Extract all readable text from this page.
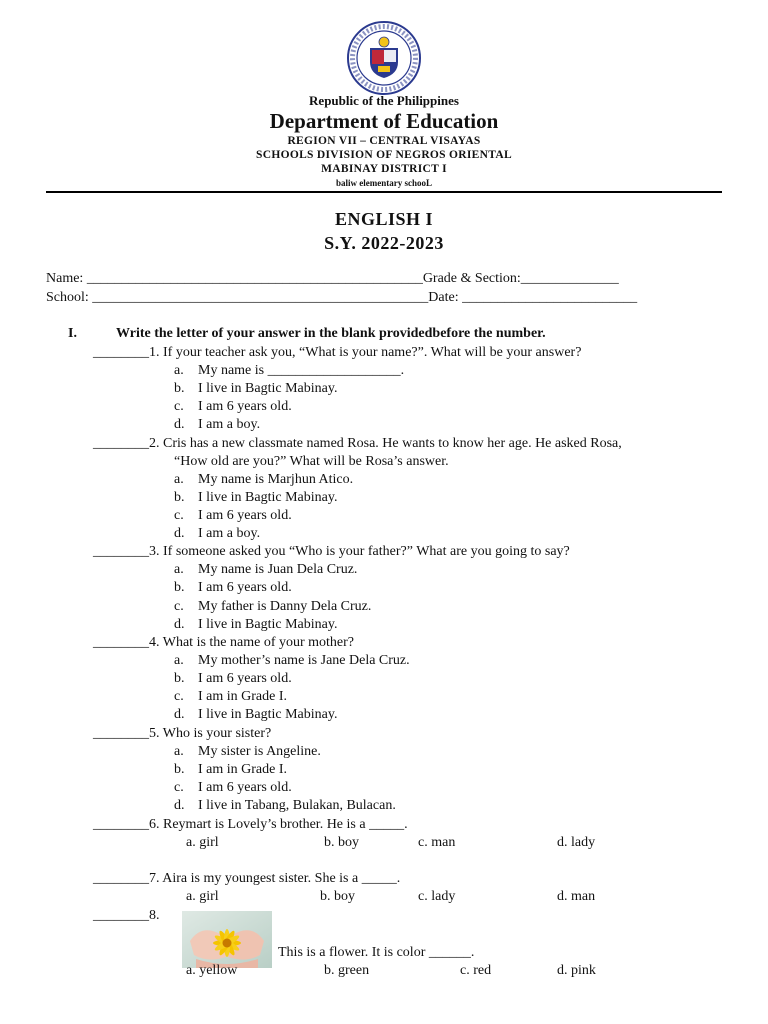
Republic of the Philippines
Department of Education
REGION VII – CENTRAL VISAYAS
SCHOOLS DIVISION OF NEGROS ORIENTAL
MABINAY DISTRICT I
baliw elementary schooL
ENGLISH I
S.Y. 2022-2023
Name: ________________________________________________Grade & Section:______________
School: ________________________________________________Date: _________________________
I.	Write the letter of your answer in the blank providedbefore the number.
________1. If your teacher ask you, “What is your name?”. What will be your answer?
a. My name is ___________________.
b. I live in Bagtic Mabinay.
c. I am 6 years old.
d. I am a boy.
________2. Cris has a new classmate named Rosa. He wants to know her age. He asked Rosa,
“How old are you?” What will be Rosa’s answer.
a. My name is Marjhun Atico.
b. I live in Bagtic Mabinay.
c. I am 6 years old.
d. I am a boy.
________3. If someone asked you “Who is your father?” What are you going to say?
a. My name is Juan Dela Cruz.
b. I am 6 years old.
c. My father is Danny Dela Cruz.
d. I live in Bagtic Mabinay.
________4. What is the name of your mother?
a. My mother’s name is Jane Dela Cruz.
b. I am 6 years old.
c. I am in Grade I.
d. I live in Bagtic Mabinay.
________5. Who is your sister?
a. My sister is Angeline.
b. I am in Grade I.
c. I am 6 years old.
d. I live in Tabang, Bulakan, Bulacan.
________6. Reymart is Lovely’s brother. He is a _____.
a. girl	b. boy	c. man	d. lady
________7. Aira is my youngest sister. She is a _____.
a. girl	b. boy	c. lady	d. man
________8.
This is a flower. It is color ______.
a. yellow	b. green	c. red	d. pink
